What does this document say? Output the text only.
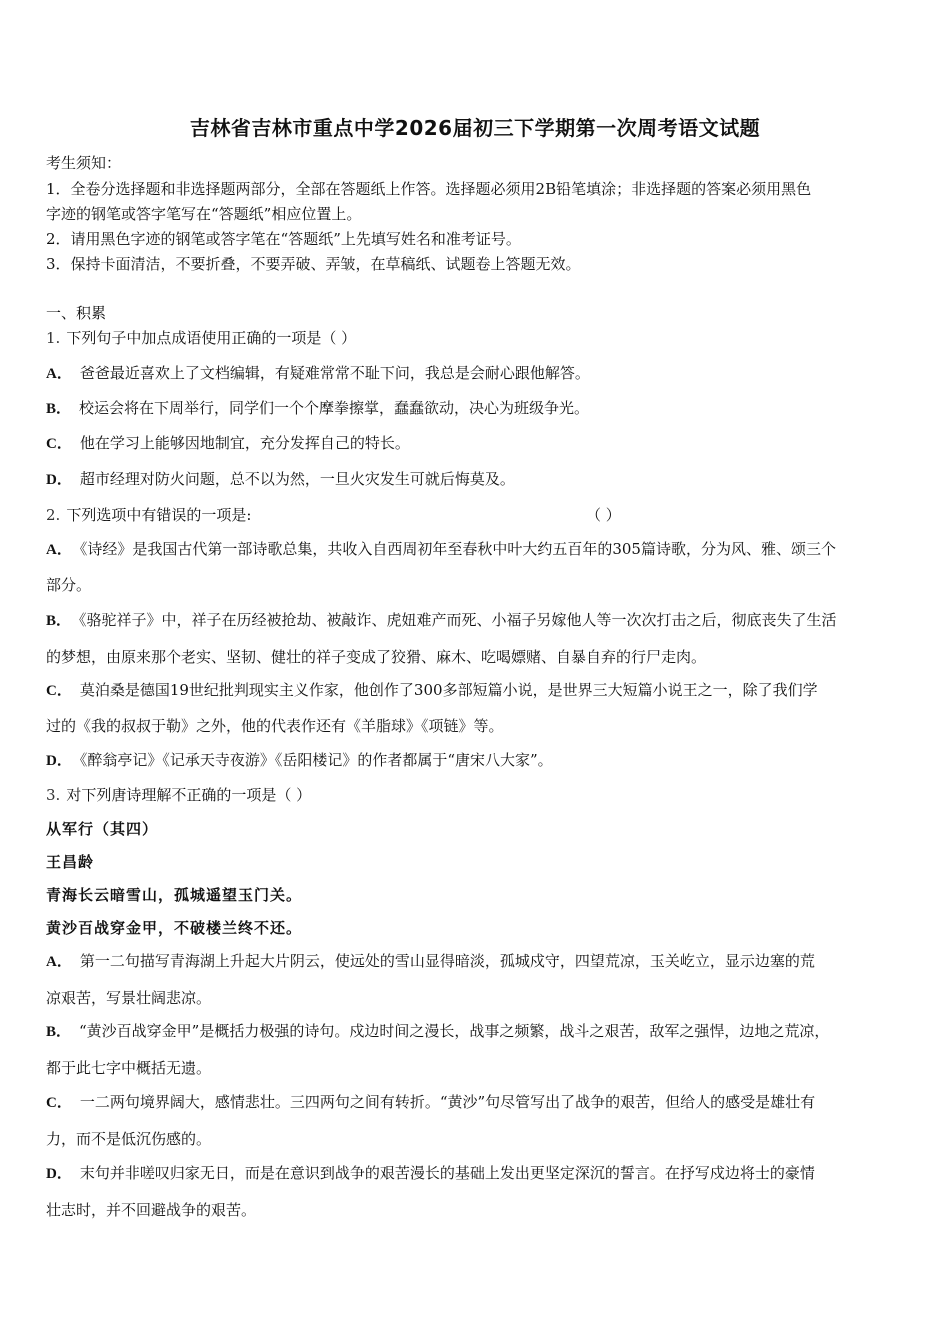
吉林省吉林市重点中学2026届初三下学期第一次周考语文试题
考生须知：
1．全卷分选择题和非选择题两部分，全部在答题纸上作答。选择题必须用2B铅笔填涂；非选择题的答案必须用黑色
字迹的钢笔或答字笔写在“答题纸”相应位置上。
2．请用黑色字迹的钢笔或答字笔在“答题纸”上先填写姓名和准考证号。
3．保持卡面清洁，不要折叠，不要弄破、弄皱，在草稿纸、试题卷上答题无效。
一、积累
1. 下列句子中加点成语使用正确的一项是（ ）
A． 爸爸最近喜欢上了文档编辑，有疑难常常不耻下问，我总是会耐心跟他解答。
B． 校运会将在下周举行，同学们一个个摩拳擦掌，蠢蠢欲动，决心为班级争光。
C． 他在学习上能够因地制宜，充分发挥自己的特长。
D． 超市经理对防火问题，总不以为然，一旦火灾发生可就后悔莫及。
2. 下列选项中有错误的一项是:	（ ）
A． 《诗经》是我国古代第一部诗歌总集，共收入自西周初年至春秋中叶大约五百年的305篇诗歌，分为风、雅、颂三个
部分。
B． 《骆驼祥子》中，祥子在历经被抢劫、被敲诈、虎妞难产而死、小福子另嫁他人等一次次打击之后，彻底丧失了生活
的梦想，由原来那个老实、坚韧、健壮的祥子变成了狡猾、麻木、吃喝嫖赌、自暴自弃的行尸走肉。
C． 莫泊桑是德国19世纪批判现实主义作家，他创作了300多部短篇小说，是世界三大短篇小说王之一，除了我们学
过的《我的叔叔于勒》之外，他的代表作还有《羊脂球》《项链》等。
D． 《醉翁亭记》《记承天寺夜游》《岳阳楼记》的作者都属于“唐宋八大家”。
3. 对下列唐诗理解不正确的一项是（ ）
从军行（其四）
王昌龄
青海长云暗雪山，孤城遥望玉门关。
黄沙百战穿金甲，不破楼兰终不还。
A． 第一二句描写青海湖上升起大片阴云，使远处的雪山显得暗淡，孤城戍守，四望荒凉，玉关屹立，显示边塞的荒
凉艰苦，写景壮阔悲凉。
B． “黄沙百战穿金甲”是概括力极强的诗句。戍边时间之漫长，战事之频繁，战斗之艰苦，敌军之强悍，边地之荒凉，
都于此七字中概括无遗。
C． 一二两句境界阔大，感情悲壮。三四两句之间有转折。“黄沙”句尽管写出了战争的艰苦，但给人的感受是雄壮有
力，而不是低沉伤感的。
D． 末句并非嗟叹归家无日，而是在意识到战争的艰苦漫长的基础上发出更坚定深沉的誓言。在抒写戍边将士的豪情
壮志时，并不回避战争的艰苦。
